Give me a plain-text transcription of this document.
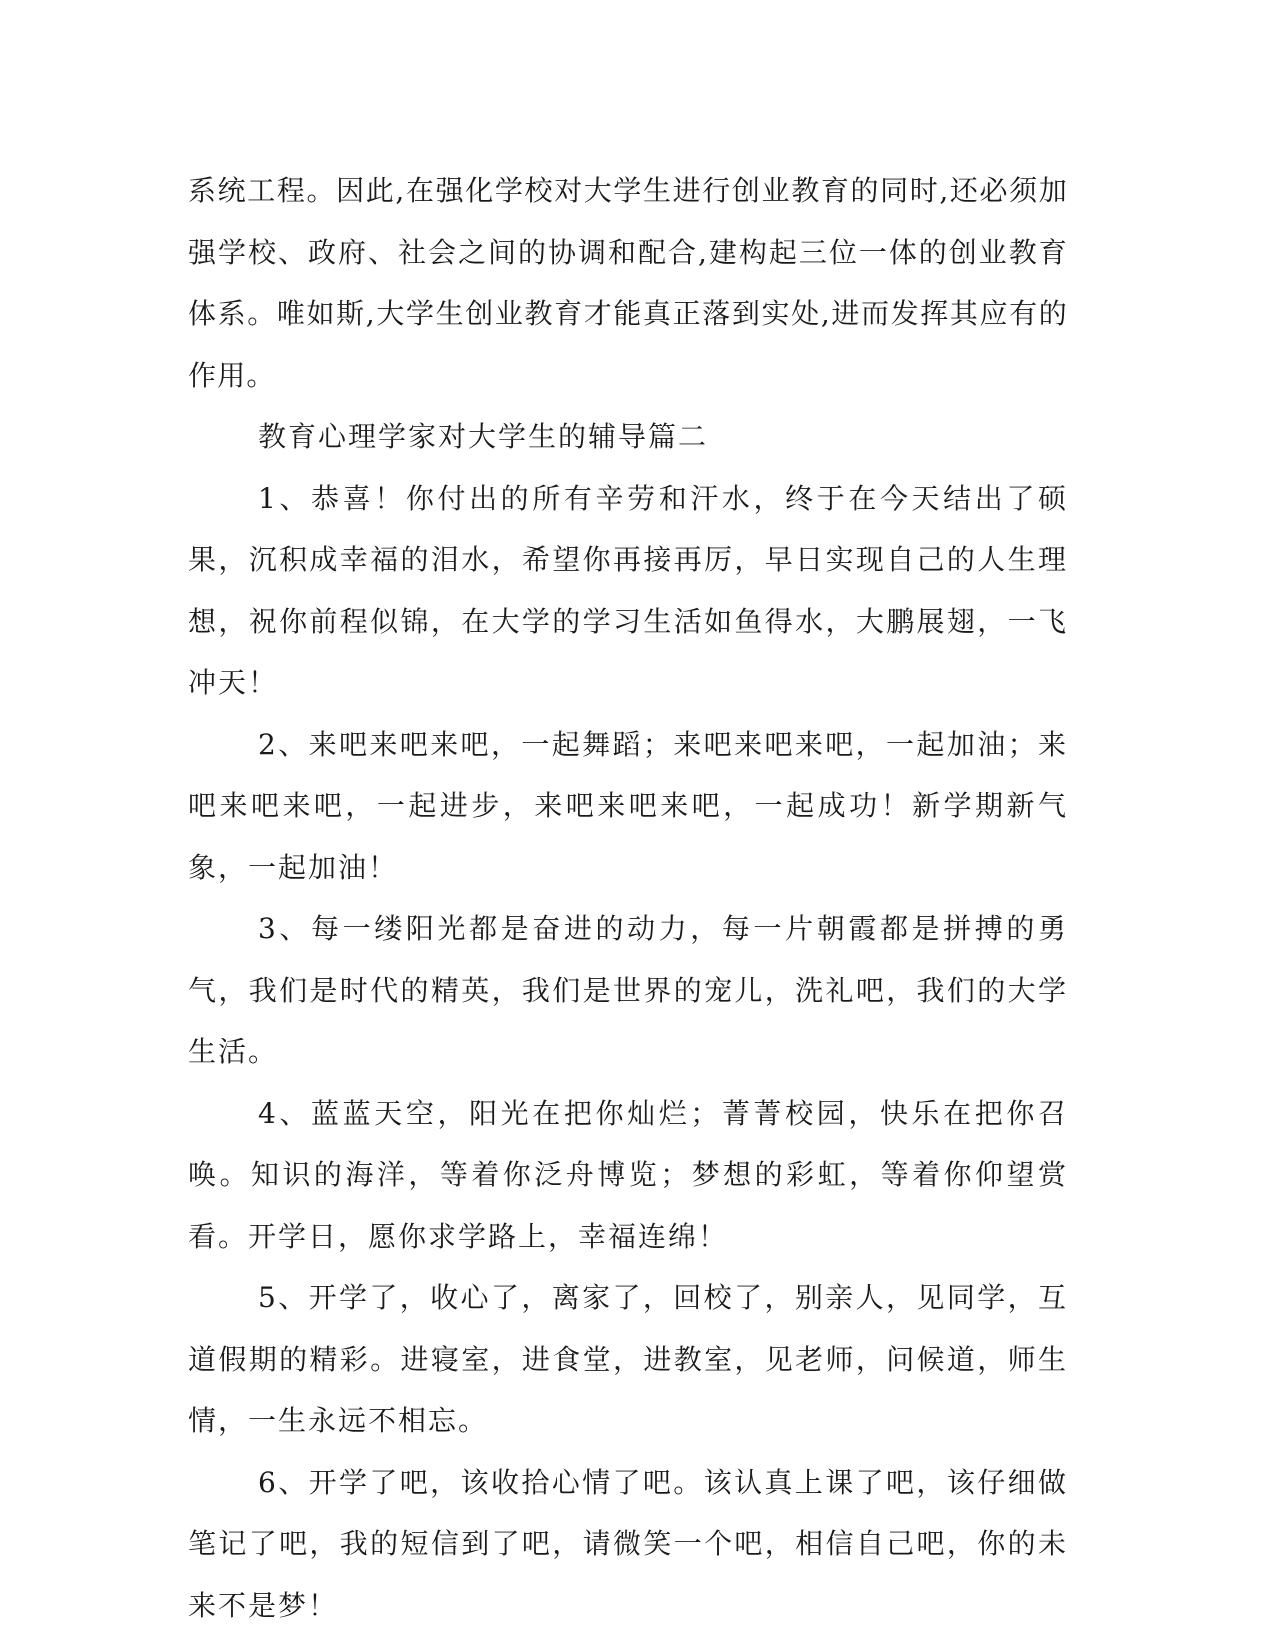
系统工程。因此,在强化学校对大学生进行创业教育的同时,还必须加强学校、政府、社会之间的协调和配合,建构起三位一体的创业教育体系。唯如斯,大学生创业教育才能真正落到实处,进而发挥其应有的作用。

教育心理学家对大学生的辅导篇二

1、恭喜！你付出的所有辛劳和汗水，终于在今天结出了硕果，沉积成幸福的泪水，希望你再接再厉，早日实现自己的人生理想，祝你前程似锦，在大学的学习生活如鱼得水，大鹏展翅，一飞冲天！

2、来吧来吧来吧，一起舞蹈；来吧来吧来吧，一起加油；来吧来吧来吧，一起进步，来吧来吧来吧，一起成功！新学期新气象，一起加油！

3、每一缕阳光都是奋进的动力，每一片朝霞都是拼搏的勇气，我们是时代的精英，我们是世界的宠儿，洗礼吧，我们的大学生活。

4、蓝蓝天空，阳光在把你灿烂；菁菁校园，快乐在把你召唤。知识的海洋，等着你泛舟博览；梦想的彩虹，等着你仰望赏看。开学日，愿你求学路上，幸福连绵！

5、开学了，收心了，离家了，回校了，别亲人，见同学，互道假期的精彩。进寝室，进食堂，进教室，见老师，问候道，师生情，一生永远不相忘。

6、开学了吧，该收拾心情了吧。该认真上课了吧，该仔细做笔记了吧，我的短信到了吧，请微笑一个吧，相信自己吧，你的未来不是梦！
